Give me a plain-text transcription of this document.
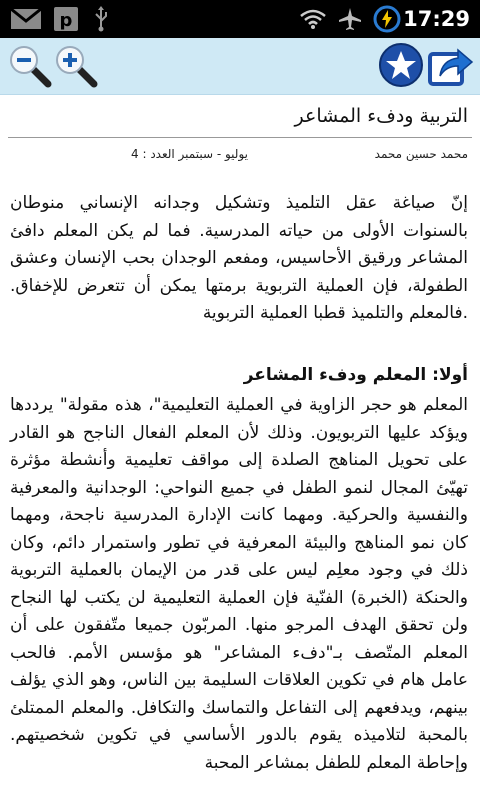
p	17:29
التربية ودفء المشاعر
محمد حسين محمد
يوليو - سبتمبر العدد : 4
إنّ صياغة عقل التلميذ وتشكيل وجدانه الإنساني منوطان بالسنوات الأولى من حياته المدرسية. فما لم يكن المعلم دافئ المشاعر ورقيق الأحاسيس، ومفعم الوجدان بحب الإنسان وعشق الطفولة، فإن العملية التربوية برمتها يمكن أن تتعرض للإخفاق. .فالمعلم والتلميذ قطبا العملية التربوية
أولا: المعلم ودفء المشاعر
المعلم هو حجر الزاوية في العملية التعليمية"، هذه مقولة" يرددها ويؤكد عليها التربويون. وذلك لأن المعلم الفعال الناجح هو القادر على تحويل المناهج الصلدة إلى مواقف تعليمية وأنشطة مؤثرة تهيّئ المجال لنمو الطفل في جميع النواحي: الوجدانية والمعرفية والنفسية والحركية. ومهما كانت الإدارة المدرسية ناجحة، ومهما كان نمو المناهج والبيئة المعرفية في تطور واستمرار دائم، وكان ذلك في وجود معلِم ليس على قدر من الإيمان بالعملية التربوية والحنكة (الخبرة) الفنّية فإن العملية التعليمية لن يكتب لها النجاح ولن تحقق الهدف المرجو منها. المربّون جميعا متّفقون على أن المعلم المتّصف بـ"دفء المشاعر" هو مؤسس الأمم. فالحب عامل هام في تكوين العلاقات السليمة بين الناس، وهو الذي يؤلف بينهم، ويدفعهم إلى التفاعل والتماسك والتكافل. والمعلم الممتلئ بالمحبة لتلاميذه يقوم بالدور الأساسي في تكوين شخصيتهم. وإحاطة المعلم للطفل بمشاعر المحبة
